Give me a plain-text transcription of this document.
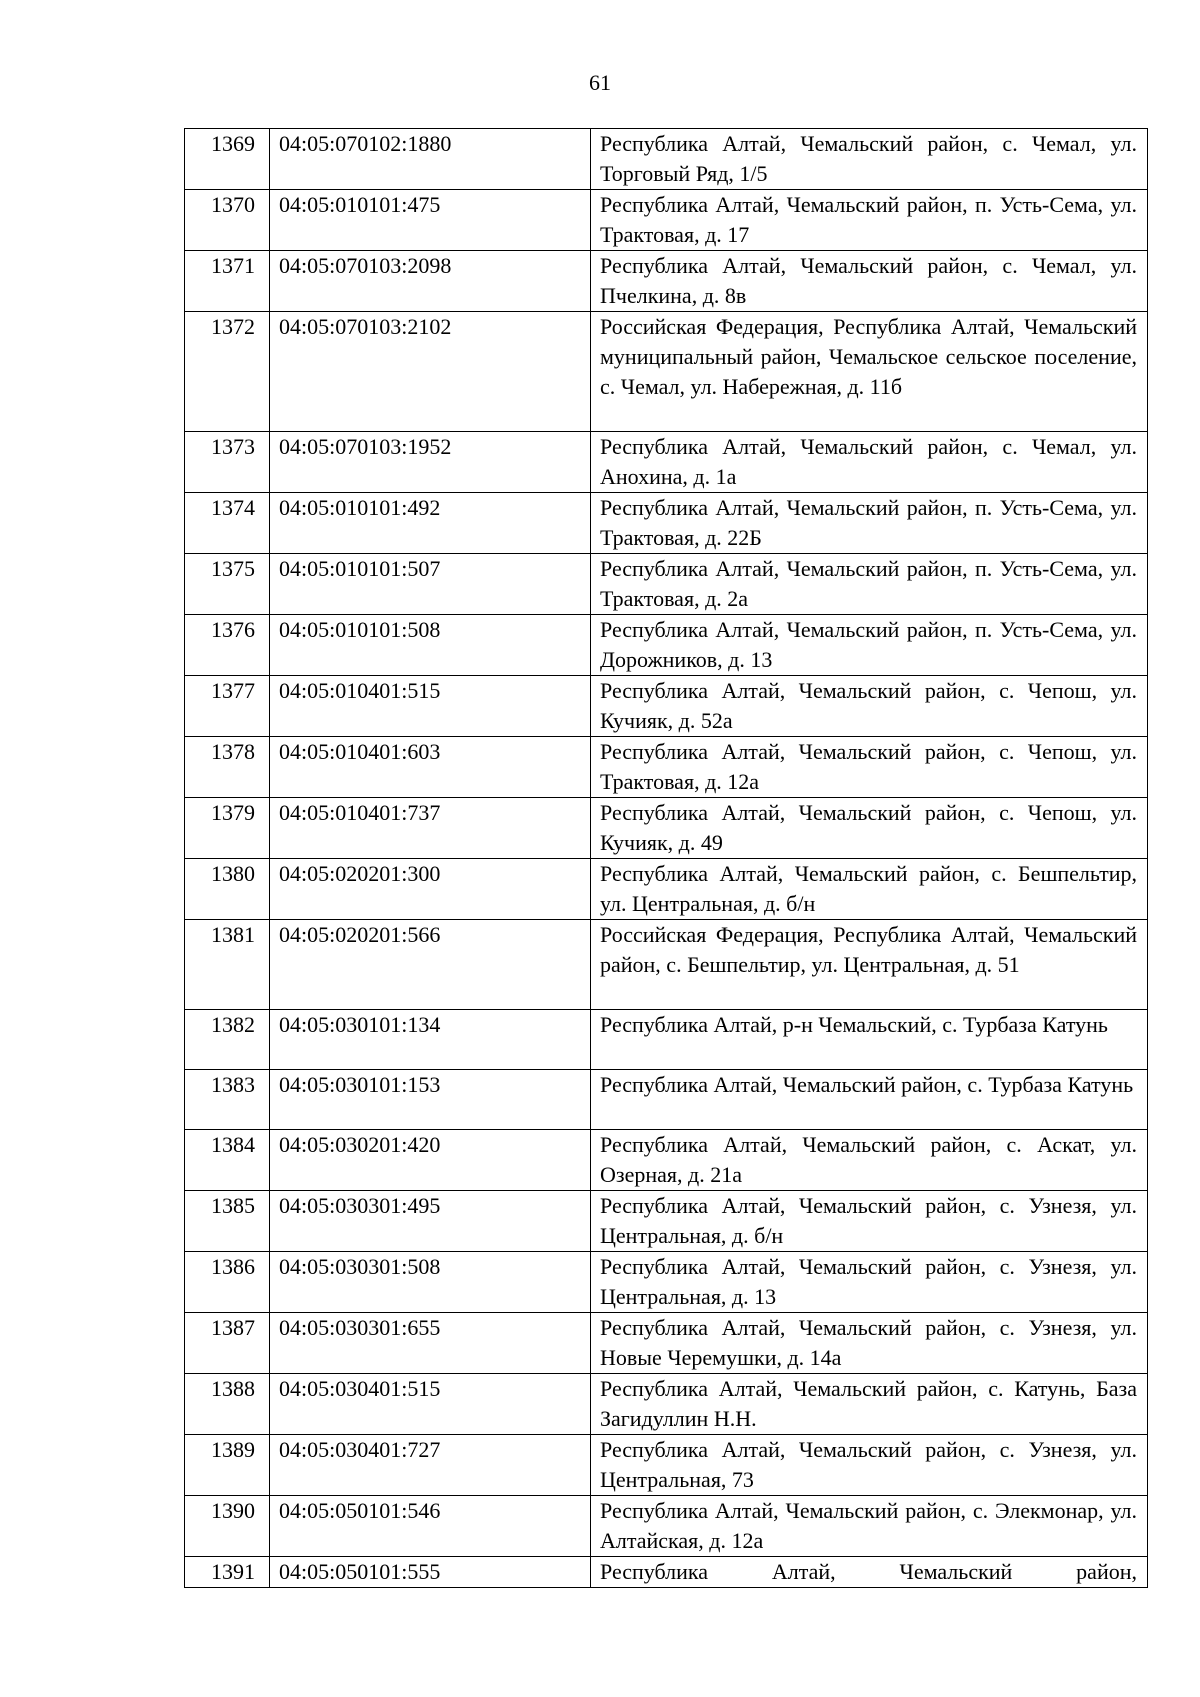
61
1369	04:05:070102:1880	Республика Алтай, Чемальский район, с. Чемал, ул. Торговый Ряд, 1/5
1370	04:05:010101:475	Республика Алтай, Чемальский район, п. Усть-Сема, ул. Трактовая, д. 17
1371	04:05:070103:2098	Республика Алтай, Чемальский район, с. Чемал, ул. Пчелкина, д. 8в
1372	04:05:070103:2102	Российская Федерация, Республика Алтай, Чемальский муниципальный район, Чемальское сельское поселение, с. Чемал, ул. Набережная, д. 11б
1373	04:05:070103:1952	Республика Алтай, Чемальский район, с. Чемал, ул. Анохина, д. 1а
1374	04:05:010101:492	Республика Алтай, Чемальский район, п. Усть-Сема, ул. Трактовая, д. 22Б
1375	04:05:010101:507	Республика Алтай, Чемальский район, п. Усть-Сема, ул. Трактовая, д. 2а
1376	04:05:010101:508	Республика Алтай, Чемальский район, п. Усть-Сема, ул. Дорожников, д. 13
1377	04:05:010401:515	Республика Алтай, Чемальский район, с. Чепош, ул. Кучияк, д. 52а
1378	04:05:010401:603	Республика Алтай, Чемальский район, с. Чепош, ул. Трактовая, д. 12а
1379	04:05:010401:737	Республика Алтай, Чемальский район, с. Чепош, ул. Кучияк, д. 49
1380	04:05:020201:300	Республика Алтай, Чемальский район, с. Бешпельтир, ул. Центральная, д. б/н
1381	04:05:020201:566	Российская Федерация, Республика Алтай, Чемальский район, с. Бешпельтир, ул. Центральная, д. 51
1382	04:05:030101:134	Республика Алтай, р-н Чемальский, с. Турбаза Катунь
1383	04:05:030101:153	Республика Алтай, Чемальский район, с. Турбаза Катунь
1384	04:05:030201:420	Республика Алтай, Чемальский район, с. Аскат, ул. Озерная, д. 21а
1385	04:05:030301:495	Республика Алтай, Чемальский район, с. Узнезя, ул. Центральная, д. б/н
1386	04:05:030301:508	Республика Алтай, Чемальский район, с. Узнезя, ул. Центральная, д. 13
1387	04:05:030301:655	Республика Алтай, Чемальский район, с. Узнезя, ул. Новые Черемушки, д. 14а
1388	04:05:030401:515	Республика Алтай, Чемальский район, с. Катунь, База Загидуллин Н.Н.
1389	04:05:030401:727	Республика Алтай, Чемальский район, с. Узнезя, ул. Центральная, 73
1390	04:05:050101:546	Республика Алтай, Чемальский район, с. Элекмонар, ул. Алтайская, д. 12а
1391	04:05:050101:555	Республика Алтай, Чемальский район,
